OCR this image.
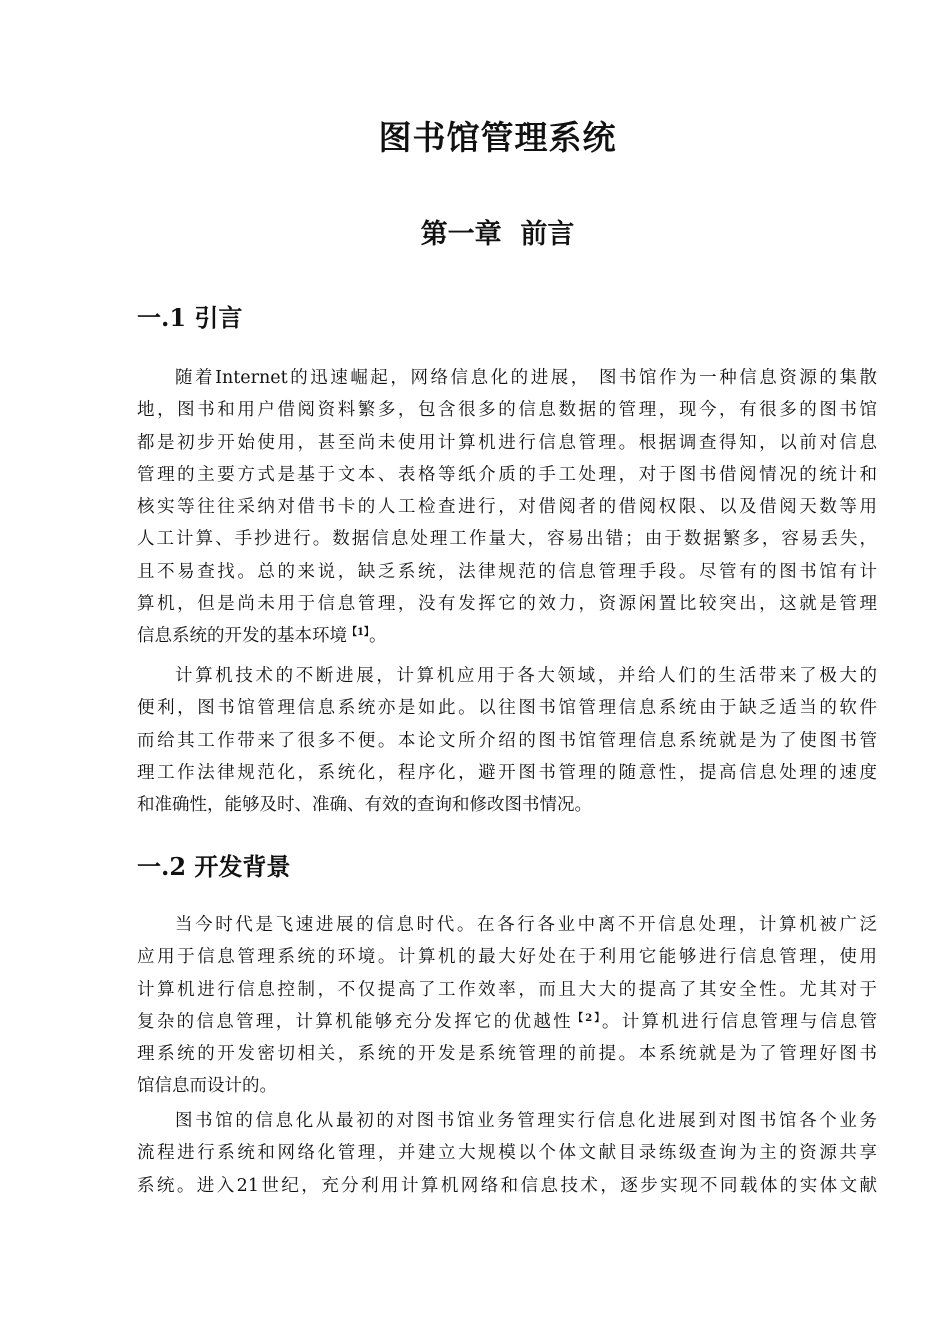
图书馆管理系统
第一章  前言
一.1 引言
随着Internet的迅速崛起，网络信息化的进展， 图书馆作为一种信息资源的集散
地，图书和用户借阅资料繁多，包含很多的信息数据的管理，现今，有很多的图书馆
都是初步开始使用，甚至尚未使用计算机进行信息管理。根据调查得知，以前对信息
管理的主要方式是基于文本、表格等纸介质的手工处理，对于图书借阅情况的统计和
核实等往往采纳对借书卡的人工检查进行，对借阅者的借阅权限、以及借阅天数等用
人工计算、手抄进行。数据信息处理工作量大，容易出错；由于数据繁多，容易丢失，
且不易查找。总的来说，缺乏系统，法律规范的信息管理手段。尽管有的图书馆有计
算机，但是尚未用于信息管理，没有发挥它的效力，资源闲置比较突出，这就是管理
信息系统的开发的基本环境$^{【1】}$。
计算机技术的不断进展，计算机应用于各大领域，并给人们的生活带来了极大的
便利，图书馆管理信息系统亦是如此。以往图书馆管理信息系统由于缺乏适当的软件
而给其工作带来了很多不便。本论文所介绍的图书馆管理信息系统就是为了使图书管
理工作法律规范化，系统化，程序化，避开图书管理的随意性，提高信息处理的速度
和准确性，能够及时、准确、有效的查询和修改图书情况。
一.2 开发背景
当今时代是飞速进展的信息时代。在各行各业中离不开信息处理，计算机被广泛
应用于信息管理系统的环境。计算机的最大好处在于利用它能够进行信息管理，使用
计算机进行信息控制，不仅提高了工作效率，而且大大的提高了其安全性。尤其对于
复杂的信息管理，计算机能够充分发挥它的优越性$^{【2】}$。计算机进行信息管理与信息管
理系统的开发密切相关，系统的开发是系统管理的前提。本系统就是为了管理好图书
馆信息而设计的。
图书馆的信息化从最初的对图书馆业务管理实行信息化进展到对图书馆各个业务
流程进行系统和网络化管理，并建立大规模以个体文献目录练级查询为主的资源共享
系统。进入21世纪，充分利用计算机网络和信息技术，逐步实现不同载体的实体文献
